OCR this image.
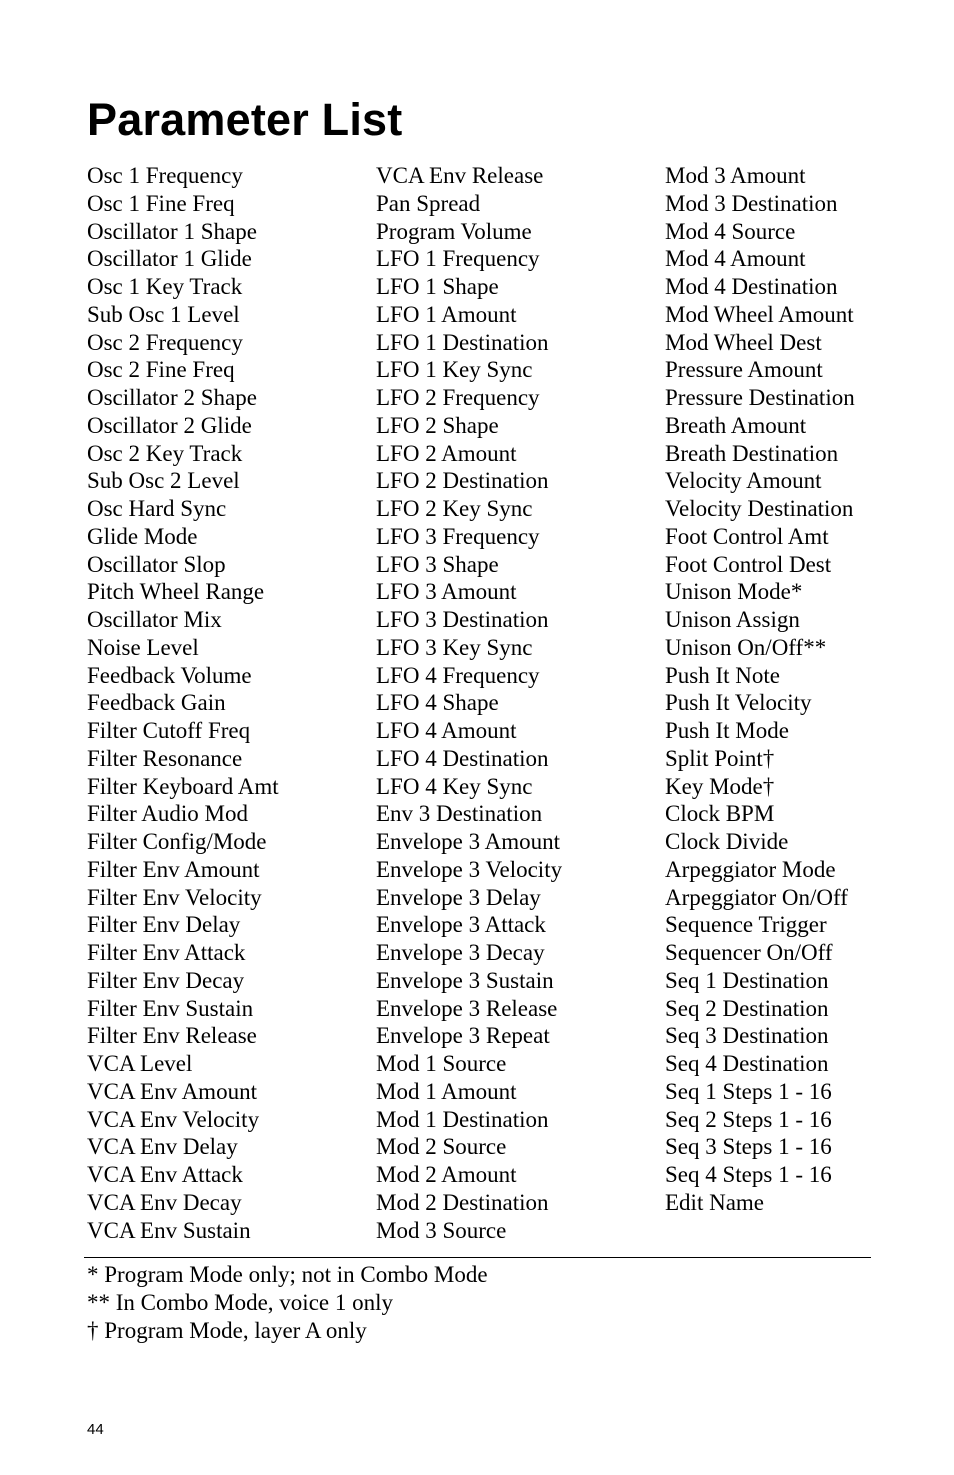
Parameter List
Osc 1 Frequency
Osc 1 Fine Freq
Oscillator 1 Shape
Oscillator 1 Glide
Osc 1 Key Track
Sub Osc 1 Level
Osc 2 Frequency
Osc 2 Fine Freq
Oscillator 2 Shape
Oscillator 2 Glide
Osc 2 Key Track
Sub Osc 2 Level
Osc Hard Sync
Glide Mode
Oscillator Slop
Pitch Wheel Range
Oscillator Mix
Noise Level
Feedback Volume
Feedback Gain
Filter Cutoff Freq
Filter Resonance
Filter Keyboard Amt
Filter Audio Mod
Filter Config/Mode
Filter Env Amount
Filter Env Velocity
Filter Env Delay
Filter Env Attack
Filter Env Decay
Filter Env Sustain
Filter Env Release
VCA Level
VCA Env Amount
VCA Env Velocity
VCA Env Delay
VCA Env Attack
VCA Env Decay
VCA Env Sustain
VCA Env Release
Pan Spread
Program Volume
LFO 1 Frequency
LFO 1 Shape
LFO 1 Amount
LFO 1 Destination
LFO 1 Key Sync
LFO 2 Frequency
LFO 2 Shape
LFO 2 Amount
LFO 2 Destination
LFO 2 Key Sync
LFO 3 Frequency
LFO 3 Shape
LFO 3 Amount
LFO 3 Destination
LFO 3 Key Sync
LFO 4 Frequency
LFO 4 Shape
LFO 4 Amount
LFO 4 Destination
LFO 4 Key Sync
Env 3 Destination
Envelope 3 Amount
Envelope 3 Velocity
Envelope 3 Delay
Envelope 3 Attack
Envelope 3 Decay
Envelope 3 Sustain
Envelope 3 Release
Envelope 3 Repeat
Mod 1 Source
Mod 1 Amount
Mod 1 Destination
Mod 2 Source
Mod 2 Amount
Mod 2 Destination
Mod 3 Source
Mod 3 Amount
Mod 3 Destination
Mod 4 Source
Mod 4 Amount
Mod 4 Destination
Mod Wheel Amount
Mod Wheel Dest
Pressure Amount
Pressure Destination
Breath Amount
Breath Destination
Velocity Amount
Velocity Destination
Foot Control Amt
Foot Control Dest
Unison Mode*
Unison Assign
Unison On/Off**
Push It Note
Push It Velocity
Push It Mode
Split Point†
Key Mode†
Clock BPM
Clock Divide
Arpeggiator Mode
Arpeggiator On/Off
Sequence Trigger
Sequencer On/Off
Seq 1 Destination
Seq 2 Destination
Seq 3 Destination
Seq 4 Destination
Seq 1 Steps 1 - 16
Seq 2 Steps 1 - 16
Seq 3 Steps 1 - 16
Seq 4 Steps 1 - 16
Edit Name
* Program Mode only; not in Combo Mode
** In Combo Mode, voice 1 only
† Program Mode, layer A only
44
